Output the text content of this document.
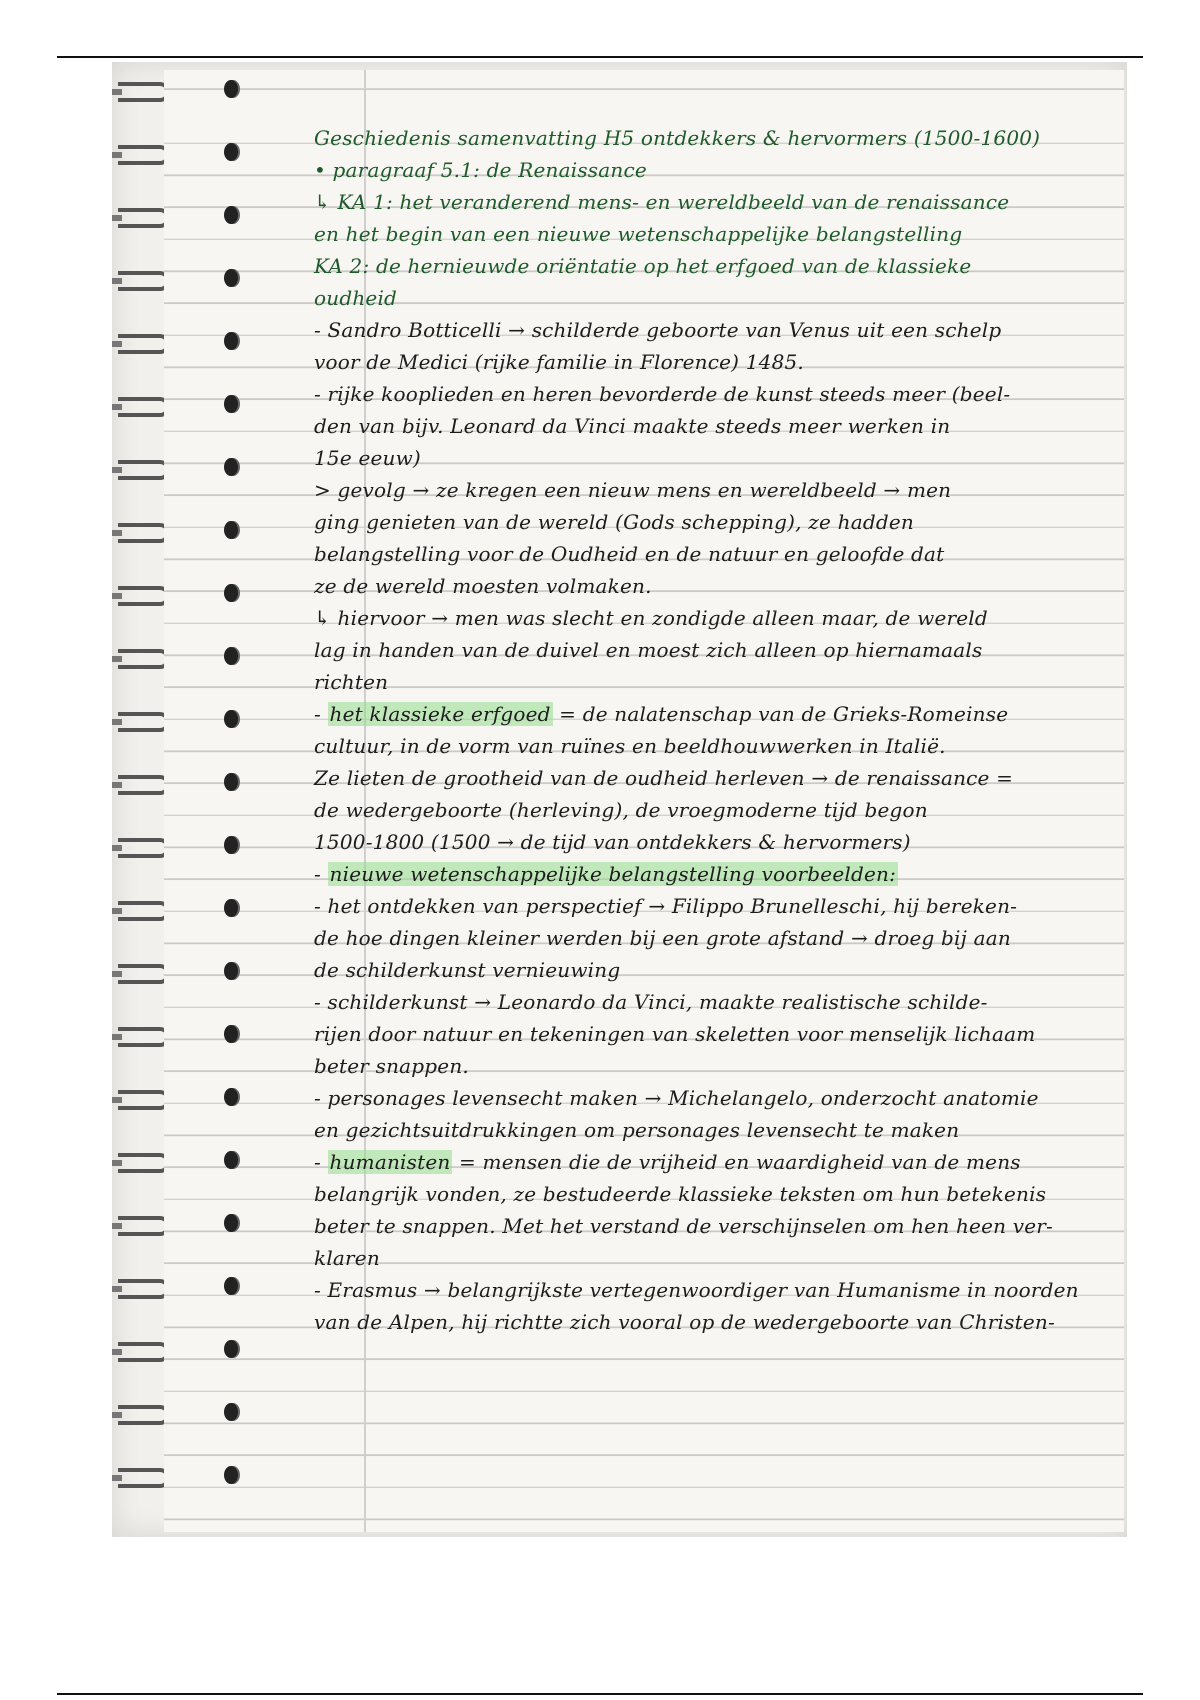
Geschiedenis samenvatting H5 ontdekkers & hervormers (1500-1600)
• paragraaf 5.1: de Renaissance
↳ KA 1: het veranderend mens- en wereldbeeld van de renaissance
en het begin van een nieuwe wetenschappelijke belangstelling
KA 2: de hernieuwde oriëntatie op het erfgoed van de klassieke
oudheid
- Sandro Botticelli → schilderde geboorte van Venus uit een schelp
voor de Medici (rijke familie in Florence) 1485.
- rijke kooplieden en heren bevorderde de kunst steeds meer (beel-
den van bijv. Leonard da Vinci maakte steeds meer werken in
15e eeuw)
> gevolg → ze kregen een nieuw mens en wereldbeeld → men
ging genieten van de wereld (Gods schepping), ze hadden
belangstelling voor de Oudheid en de natuur en geloofde dat
ze de wereld moesten volmaken.
↳ hiervoor → men was slecht en zondigde alleen maar, de wereld
lag in handen van de duivel en moest zich alleen op hiernamaals
richten
- het klassieke erfgoed = de nalatenschap van de Grieks-Romeinse
cultuur, in de vorm van ruïnes en beeldhouwwerken in Italië.
Ze lieten de grootheid van de oudheid herleven → de renaissance =
de wedergeboorte (herleving), de vroegmoderne tijd begon
1500-1800 (1500 → de tijd van ontdekkers & hervormers)
- nieuwe wetenschappelijke belangstelling voorbeelden:
- het ontdekken van perspectief → Filippo Brunelleschi, hij bereken-
de hoe dingen kleiner werden bij een grote afstand → droeg bij aan
de schilderkunst vernieuwing
- schilderkunst → Leonardo da Vinci, maakte realistische schilde-
rijen door natuur en tekeningen van skeletten voor menselijk lichaam
beter snappen.
- personages levensecht maken → Michelangelo, onderzocht anatomie
en gezichtsuitdrukkingen om personages levensecht te maken
- humanisten = mensen die de vrijheid en waardigheid van de mens
belangrijk vonden, ze bestudeerde klassieke teksten om hun betekenis
beter te snappen. Met het verstand de verschijnselen om hen heen ver-
klaren
- Erasmus → belangrijkste vertegenwoordiger van Humanisme in noorden
van de Alpen, hij richtte zich vooral op de wedergeboorte van Christen-
